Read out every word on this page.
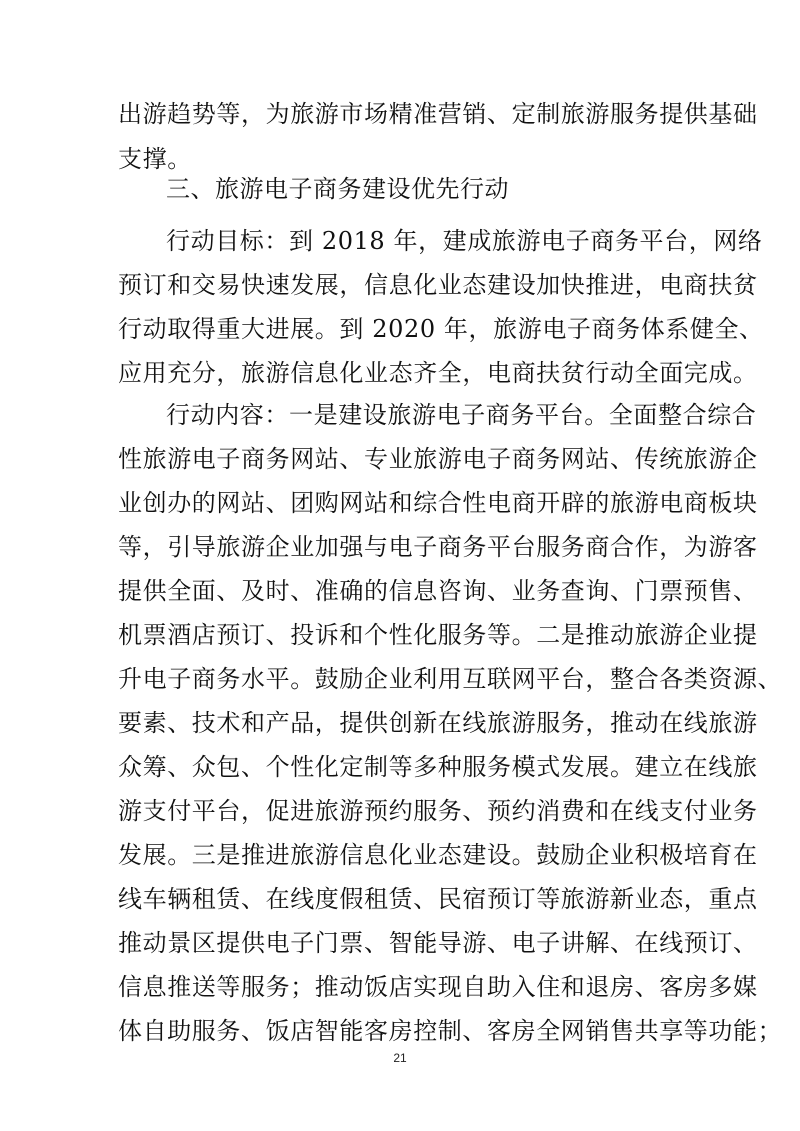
出游趋势等，为旅游市场精准营销、定制旅游服务提供基础
支撑。
三、旅游电子商务建设优先行动
行动目标：到 2018 年，建成旅游电子商务平台，网络
预订和交易快速发展，信息化业态建设加快推进，电商扶贫
行动取得重大进展。到 2020 年，旅游电子商务体系健全、
应用充分，旅游信息化业态齐全，电商扶贫行动全面完成。
行动内容：一是建设旅游电子商务平台。全面整合综合
性旅游电子商务网站、专业旅游电子商务网站、传统旅游企
业创办的网站、团购网站和综合性电商开辟的旅游电商板块
等，引导旅游企业加强与电子商务平台服务商合作，为游客
提供全面、及时、准确的信息咨询、业务查询、门票预售、
机票酒店预订、投诉和个性化服务等。二是推动旅游企业提
升电子商务水平。鼓励企业利用互联网平台，整合各类资源、
要素、技术和产品，提供创新在线旅游服务，推动在线旅游
众筹、众包、个性化定制等多种服务模式发展。建立在线旅
游支付平台，促进旅游预约服务、预约消费和在线支付业务
发展。三是推进旅游信息化业态建设。鼓励企业积极培育在
线车辆租赁、在线度假租赁、民宿预订等旅游新业态，重点
推动景区提供电子门票、智能导游、电子讲解、在线预订、
信息推送等服务；推动饭店实现自助入住和退房、客房多媒
体自助服务、饭店智能客房控制、客房全网销售共享等功能；
21
